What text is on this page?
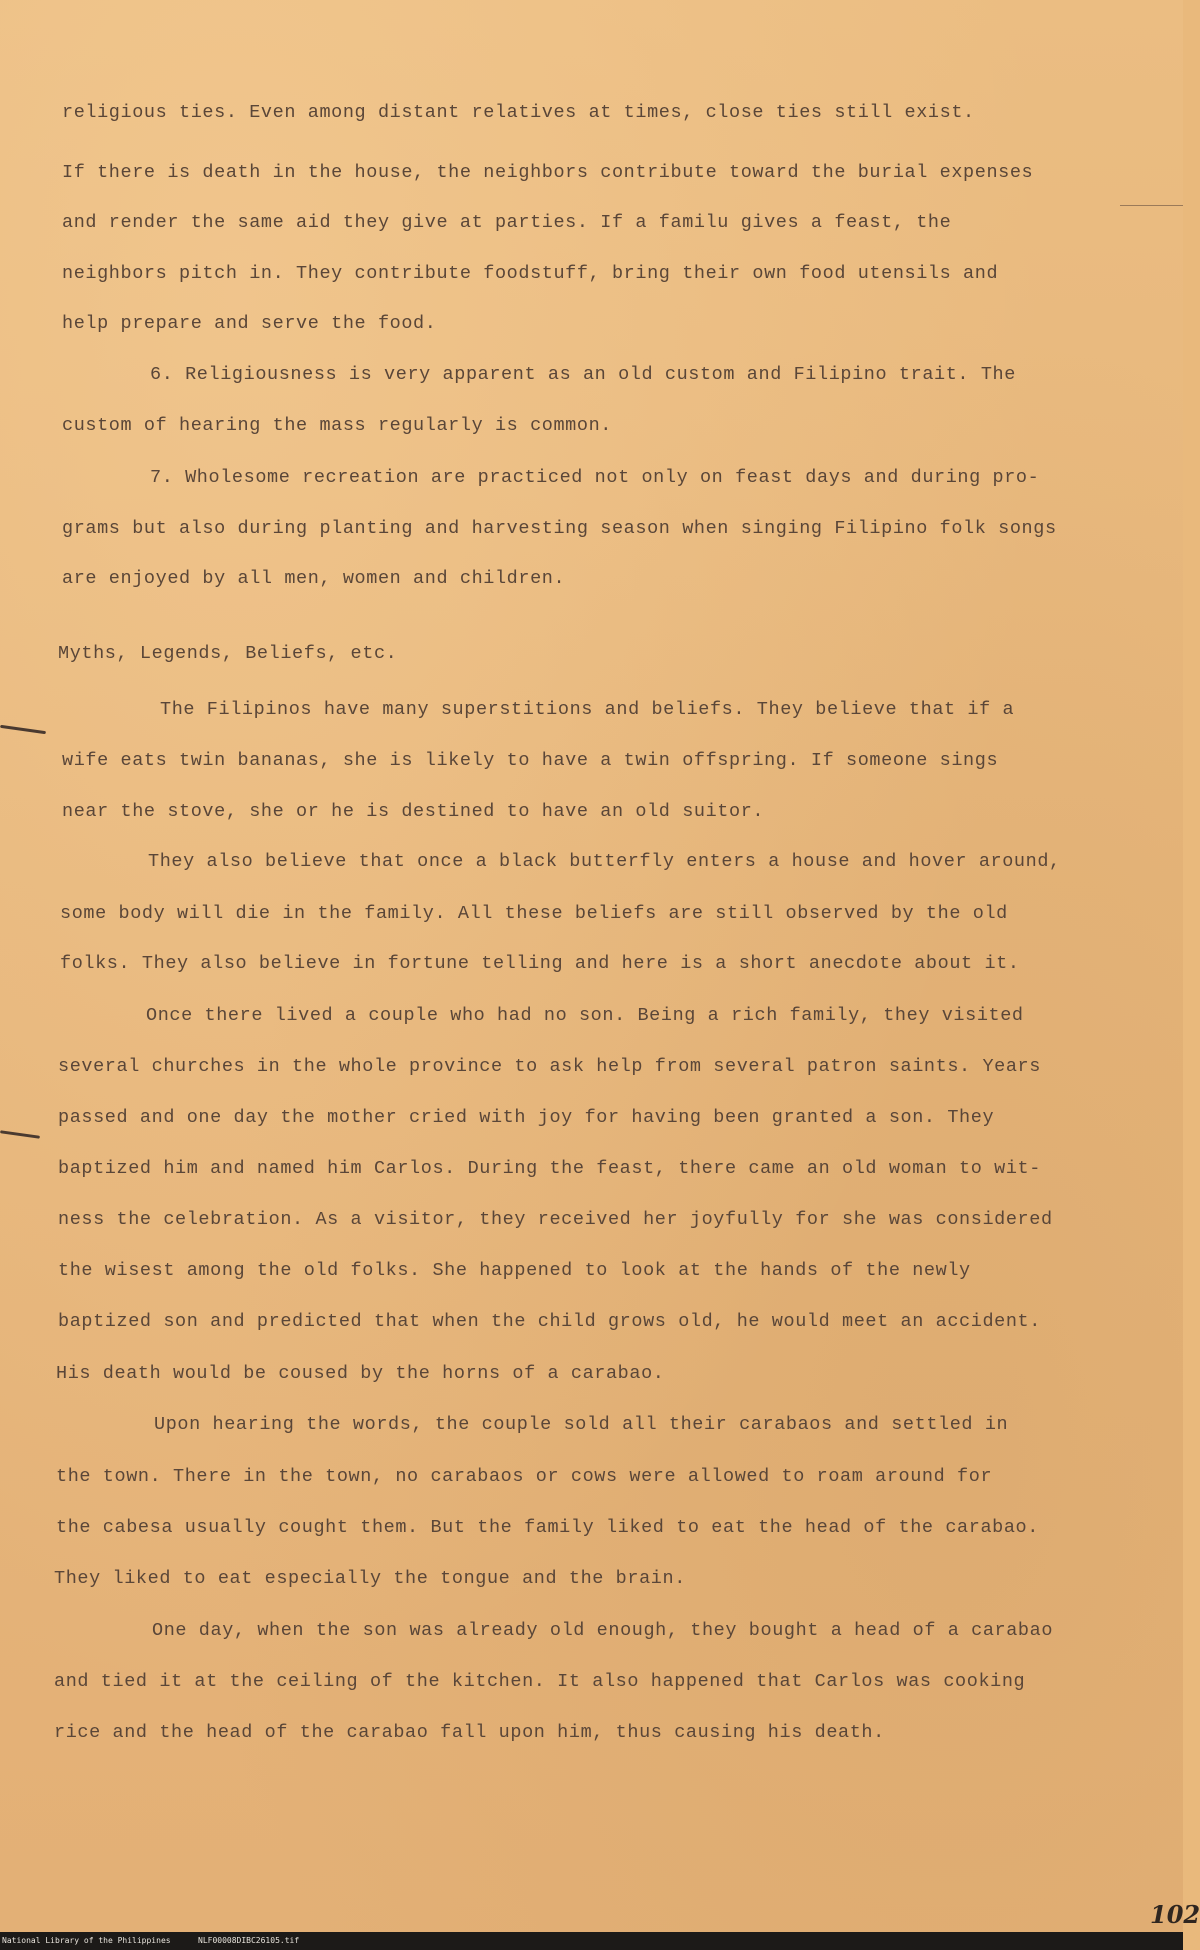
religious ties. Even among distant relatives at times, close ties still exist.
If there is death in the house, the neighbors contribute toward the burial expenses
and render the same aid they give at parties. If a familu gives a feast, the
neighbors pitch in. They contribute foodstuff, bring their own food utensils and
help prepare and serve the food.
6. Religiousness is very apparent as an old custom and Filipino trait. The
custom of hearing the mass regularly is common.
7. Wholesome recreation are practiced not only on feast days and during pro-
grams but also during planting and harvesting season when singing Filipino folk songs
are enjoyed by all men, women and children.
Myths, Legends, Beliefs, etc.
The Filipinos have many superstitions and beliefs. They believe that if a
wife eats twin bananas, she is likely to have a twin offspring. If someone sings
near the stove, she or he is destined to have an old suitor.
They also believe that once a black butterfly enters a house and hover around,
some body will die in the family. All these beliefs are still observed by the old
folks. They also believe in fortune telling and here is a short anecdote about it.
Once there lived a couple who had no son. Being a rich family, they visited
several churches in the whole province to ask help from several patron saints. Years
passed and one day the mother cried with joy for having been granted a son. They
baptized him and named him Carlos. During the feast, there came an old woman to wit-
ness the celebration. As a visitor, they received her joyfully for she was considered
the wisest among the old folks. She happened to look at the hands of the newly
baptized son and predicted that when the child grows old, he would meet an accident.
His death would be coused by the horns of a carabao.
Upon hearing the words, the couple sold all their carabaos and settled in
the town. There in the town, no carabaos or cows were allowed to roam around for
the cabesa usually cought them. But the family liked to eat the head of the carabao.
They liked to eat especially the tongue and the brain.
One day, when the son was already old enough, they bought a head of a carabao
and tied it at the ceiling of the kitchen. It also happened that Carlos was cooking
rice and the head of the carabao fall upon him, thus causing his death.
102
National Library of the Philippines	NLF00008DIBC26105.tif
